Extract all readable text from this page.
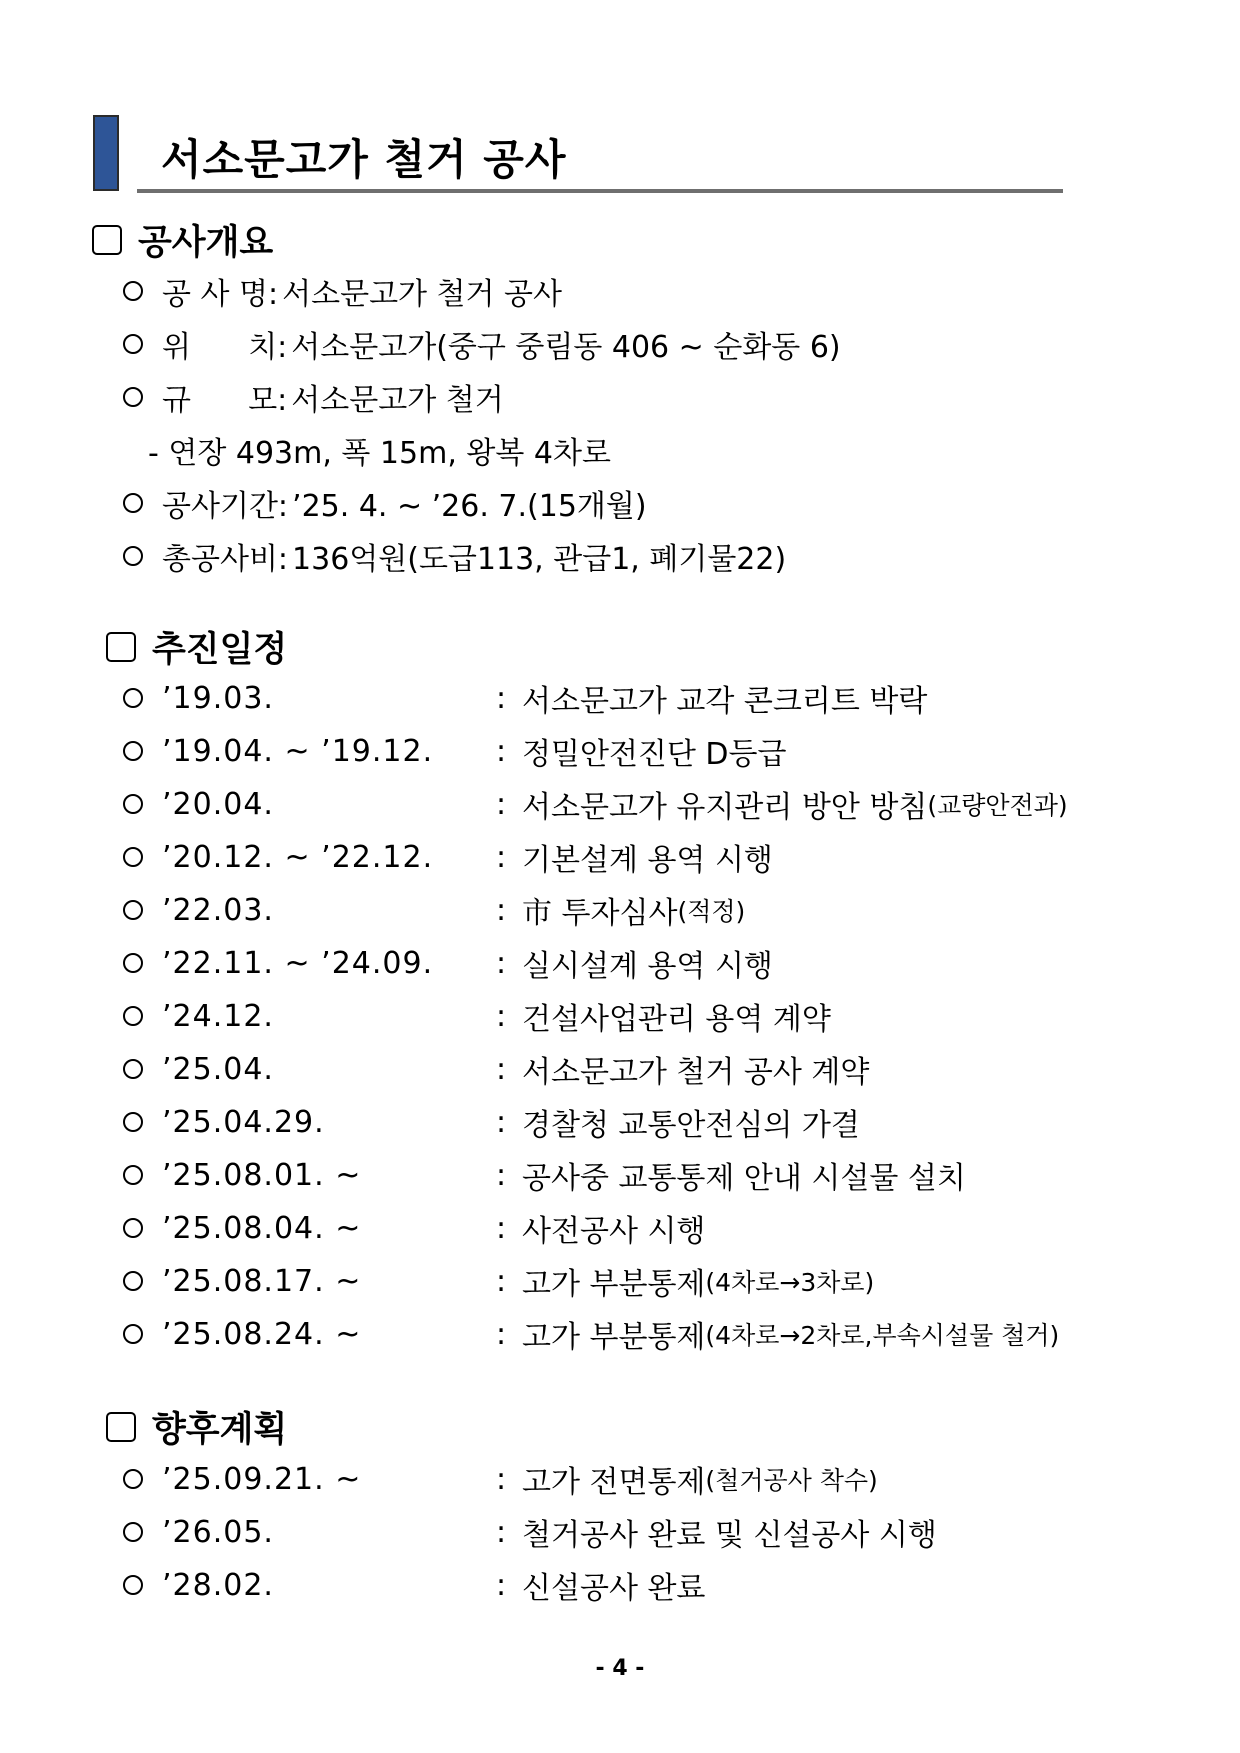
서소문고가 철거 공사
공사개요
공 사 명: 서소문고가 철거 공사
위      치: 서소문고가(중구 중림동 406 ~ 순화동 6)
규      모: 서소문고가 철거
- 연장 493m, 폭 15m, 왕복 4차로
공사기간: ’25. 4. ~ ’26. 7.(15개월)
총공사비: 136억원(도급113, 관급1, 폐기물22)
추진일정
’19.03.	: 서소문고가 교각 콘크리트 박락
’19.04. ~ ’19.12.	: 정밀안전진단 D등급
’20.04.	: 서소문고가 유지관리 방안 방침 (교량안전과)
’20.12. ~ ’22.12.	: 기본설계 용역 시행
’22.03.	: 市 투자심사 (적정)
’22.11. ~ ’24.09.	: 실시설계 용역 시행
’24.12.	: 건설사업관리 용역 계약
’25.04.	: 서소문고가 철거 공사 계약
’25.04.29.	: 경찰청 교통안전심의 가결
’25.08.01. ~	: 공사중 교통통제 안내 시설물 설치
’25.08.04. ~	: 사전공사 시행
’25.08.17. ~	: 고가 부분통제 (4차로→3차로)
’25.08.24. ~	: 고가 부분통제 (4차로→2차로,부속시설물 철거)
향후계획
’25.09.21. ~	: 고가 전면통제 (철거공사 착수)
’26.05.	: 철거공사 완료 및 신설공사 시행
’28.02.	: 신설공사 완료
- 4 -
